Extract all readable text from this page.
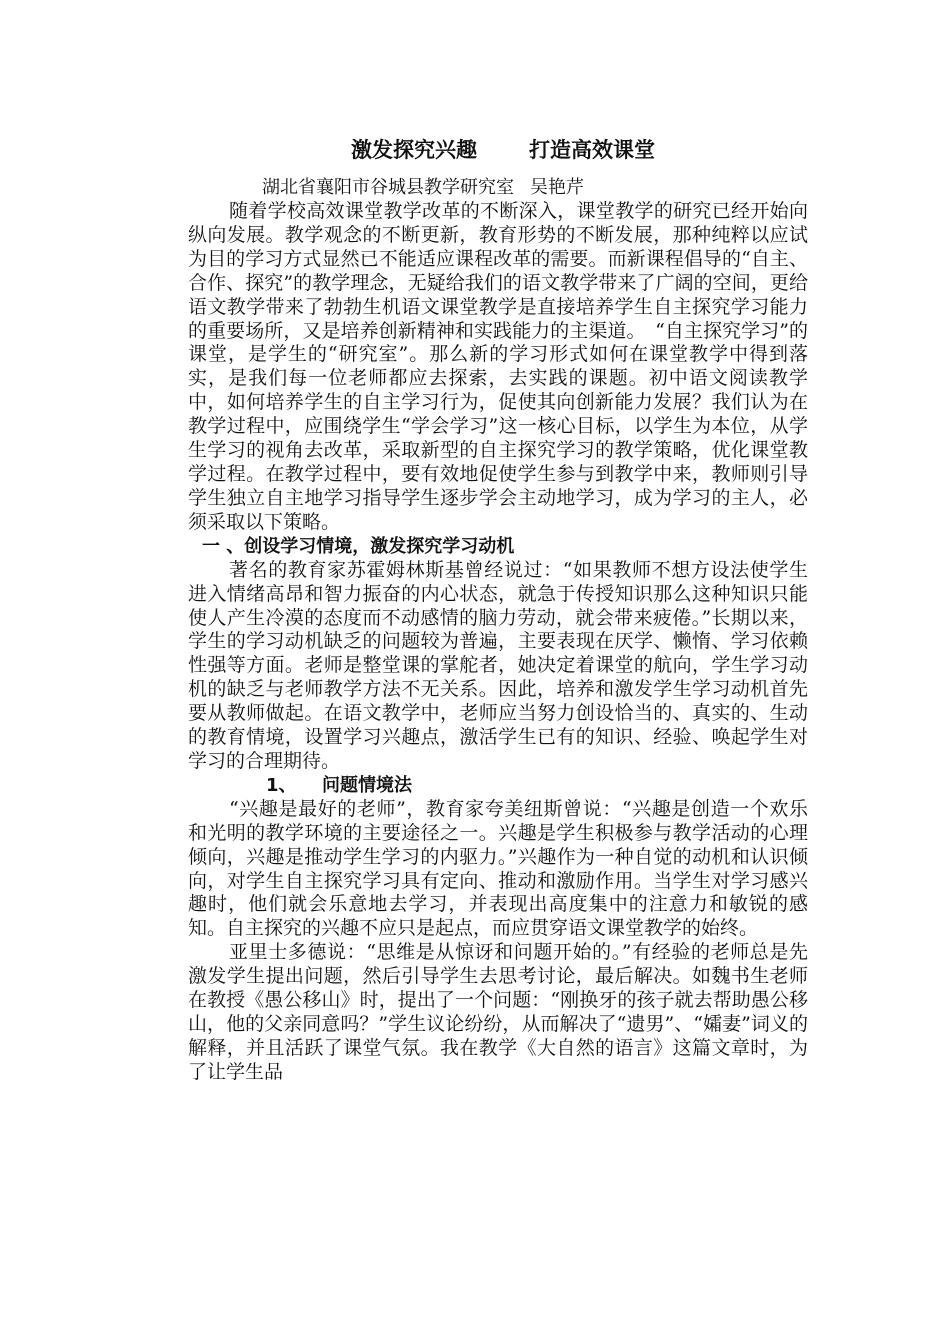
激发探究兴趣 打造高效课堂
湖北省襄阳市谷城县教学研究室 吴艳芹

随着学校高效课堂教学改革的不断深入，课堂教学的研究已经开始向纵向发展。教学观念的不断更新，教育形势的不断发展，那种纯粹以应试为目的学习方式显然已不能适应课程改革的需要。而新课程倡导的“自主、合作、探究”的教学理念，无疑给我们的语文教学带来了广阔的空间，更给语文教学带来了勃勃生机语文课堂教学是直接培养学生自主探究学习能力的重要场所，又是培养创新精神和实践能力的主渠道。　“自主探究学习”的课堂，是学生的“研究室”。那么新的学习形式如何在课堂教学中得到落实，是我们每一位老师都应去探索，去实践的课题。初中语文阅读教学中，如何培养学生的自主学习行为，促使其向创新能力发展？我们认为在教学过程中，应围绕学生“学会学习”这一核心目标，以学生为本位，从学生学习的视角去改革，采取新型的自主探究学习的教学策略，优化课堂教学过程。在教学过程中，要有效地促使学生参与到教学中来，教师则引导学生独立自主地学习指导学生逐步学会主动地学习，成为学习的主人，必须采取以下策略。

一 、创设学习情境，激发探究学习动机

著名的教育家苏霍姆林斯基曾经说过：“如果教师不想方设法使学生进入情绪高昂和智力振奋的内心状态，就急于传授知识那么这种知识只能使人产生冷漠的态度而不动感情的脑力劳动，就会带来疲倦。”长期以来，学生的学习动机缺乏的问题较为普遍，主要表现在厌学、懒惰、学习依赖性强等方面。老师是整堂课的掌舵者，她决定着课堂的航向，学生学习动机的缺乏与老师教学方法不无关系。因此，培养和激发学生学习动机首先要从教师做起。在语文教学中，老师应当努力创设恰当的、真实的、生动的教育情境，设置学习兴趣点，激活学生已有的知识、经验、唤起学生对学习的合理期待。

1、 问题情境法

“兴趣是最好的老师”，教育家夸美纽斯曾说：“兴趣是创造一个欢乐和光明的教学环境的主要途径之一。兴趣是学生积极参与教学活动的心理倾向，兴趣是推动学生学习的内驱力。”兴趣作为一种自觉的动机和认识倾向，对学生自主探究学习具有定向、推动和激励作用。当学生对学习感兴趣时，他们就会乐意地去学习，并表现出高度集中的注意力和敏锐的感知。自主探究的兴趣不应只是起点，而应贯穿语文课堂教学的始终。

亚里士多德说：“思维是从惊讶和问题开始的。”有经验的老师总是先激发学生提出问题，然后引导学生去思考讨论，最后解决。如魏书生老师在教授《愚公移山》时，提出了一个问题：“刚换牙的孩子就去帮助愚公移山，他的父亲同意吗？”学生议论纷纷，从而解决了“遗男”、“孀妻”词义的解释，并且活跃了课堂气氛。我在教学《大自然的语言》这篇文章时，为了让学生品
